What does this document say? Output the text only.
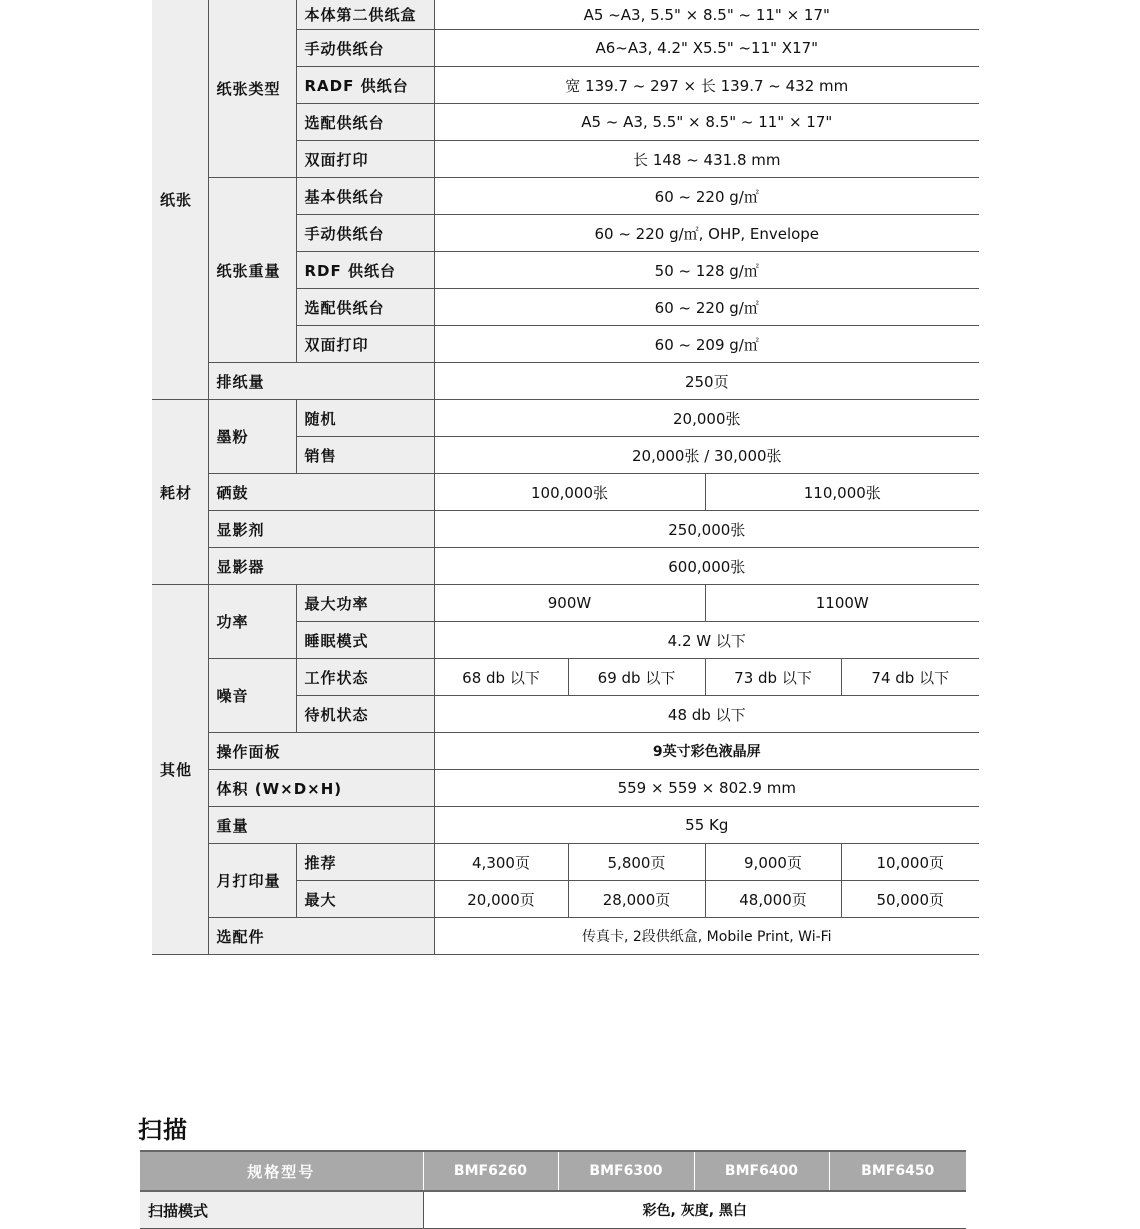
纸张	纸张类型	本体第二供纸盒	A5 ~A3, 5.5" × 8.5" ~ 11" × 17"			
		手动供纸台	A6~A3, 4.2" X5.5" ~11" X17"			
		RADF 供纸台	宽 139.7 ~ 297 × 长 139.7 ~ 432 mm			
		选配供纸台	A5 ~ A3, 5.5" × 8.5" ~ 11" × 17"			
		双面打印	长 148 ~ 431.8 mm			
	纸张重量	基本供纸台	60 ~ 220 g/㎡			
		手动供纸台	60 ~ 220 g/㎡, OHP, Envelope			
		RDF 供纸台	50 ~ 128 g/㎡			
		选配供纸台	60 ~ 220 g/㎡			
		双面打印	60 ~ 209 g/㎡			
	排纸量		250页			
耗材	墨粉	随机	20,000张			
		销售	20,000张 / 30,000张			
	硒鼓		100,000张		110,000张	
	显影剂		250,000张			
	显影器		600,000张			
其他	功率	最大功率	900W		1100W	
		睡眠模式	4.2 W 以下			
	噪音	工作状态	68 db 以下	69 db 以下	73 db 以下	74 db 以下
		待机状态	48 db 以下			
	操作面板		9英寸彩色液晶屏			
	体积 (W×D×H)		559 × 559 × 802.9 mm			
	重量		55 Kg			
	月打印量	推荐	4,300页	5,800页	9,000页	10,000页
		最大	20,000页	28,000页	48,000页	50,000页
	选配件		传真卡, 2段供纸盒, Mobile Print, Wi-Fi			
扫描
规格型号	BMF6260	BMF6300	BMF6400	BMF6450
扫描模式	彩色, 灰度, 黑白			
